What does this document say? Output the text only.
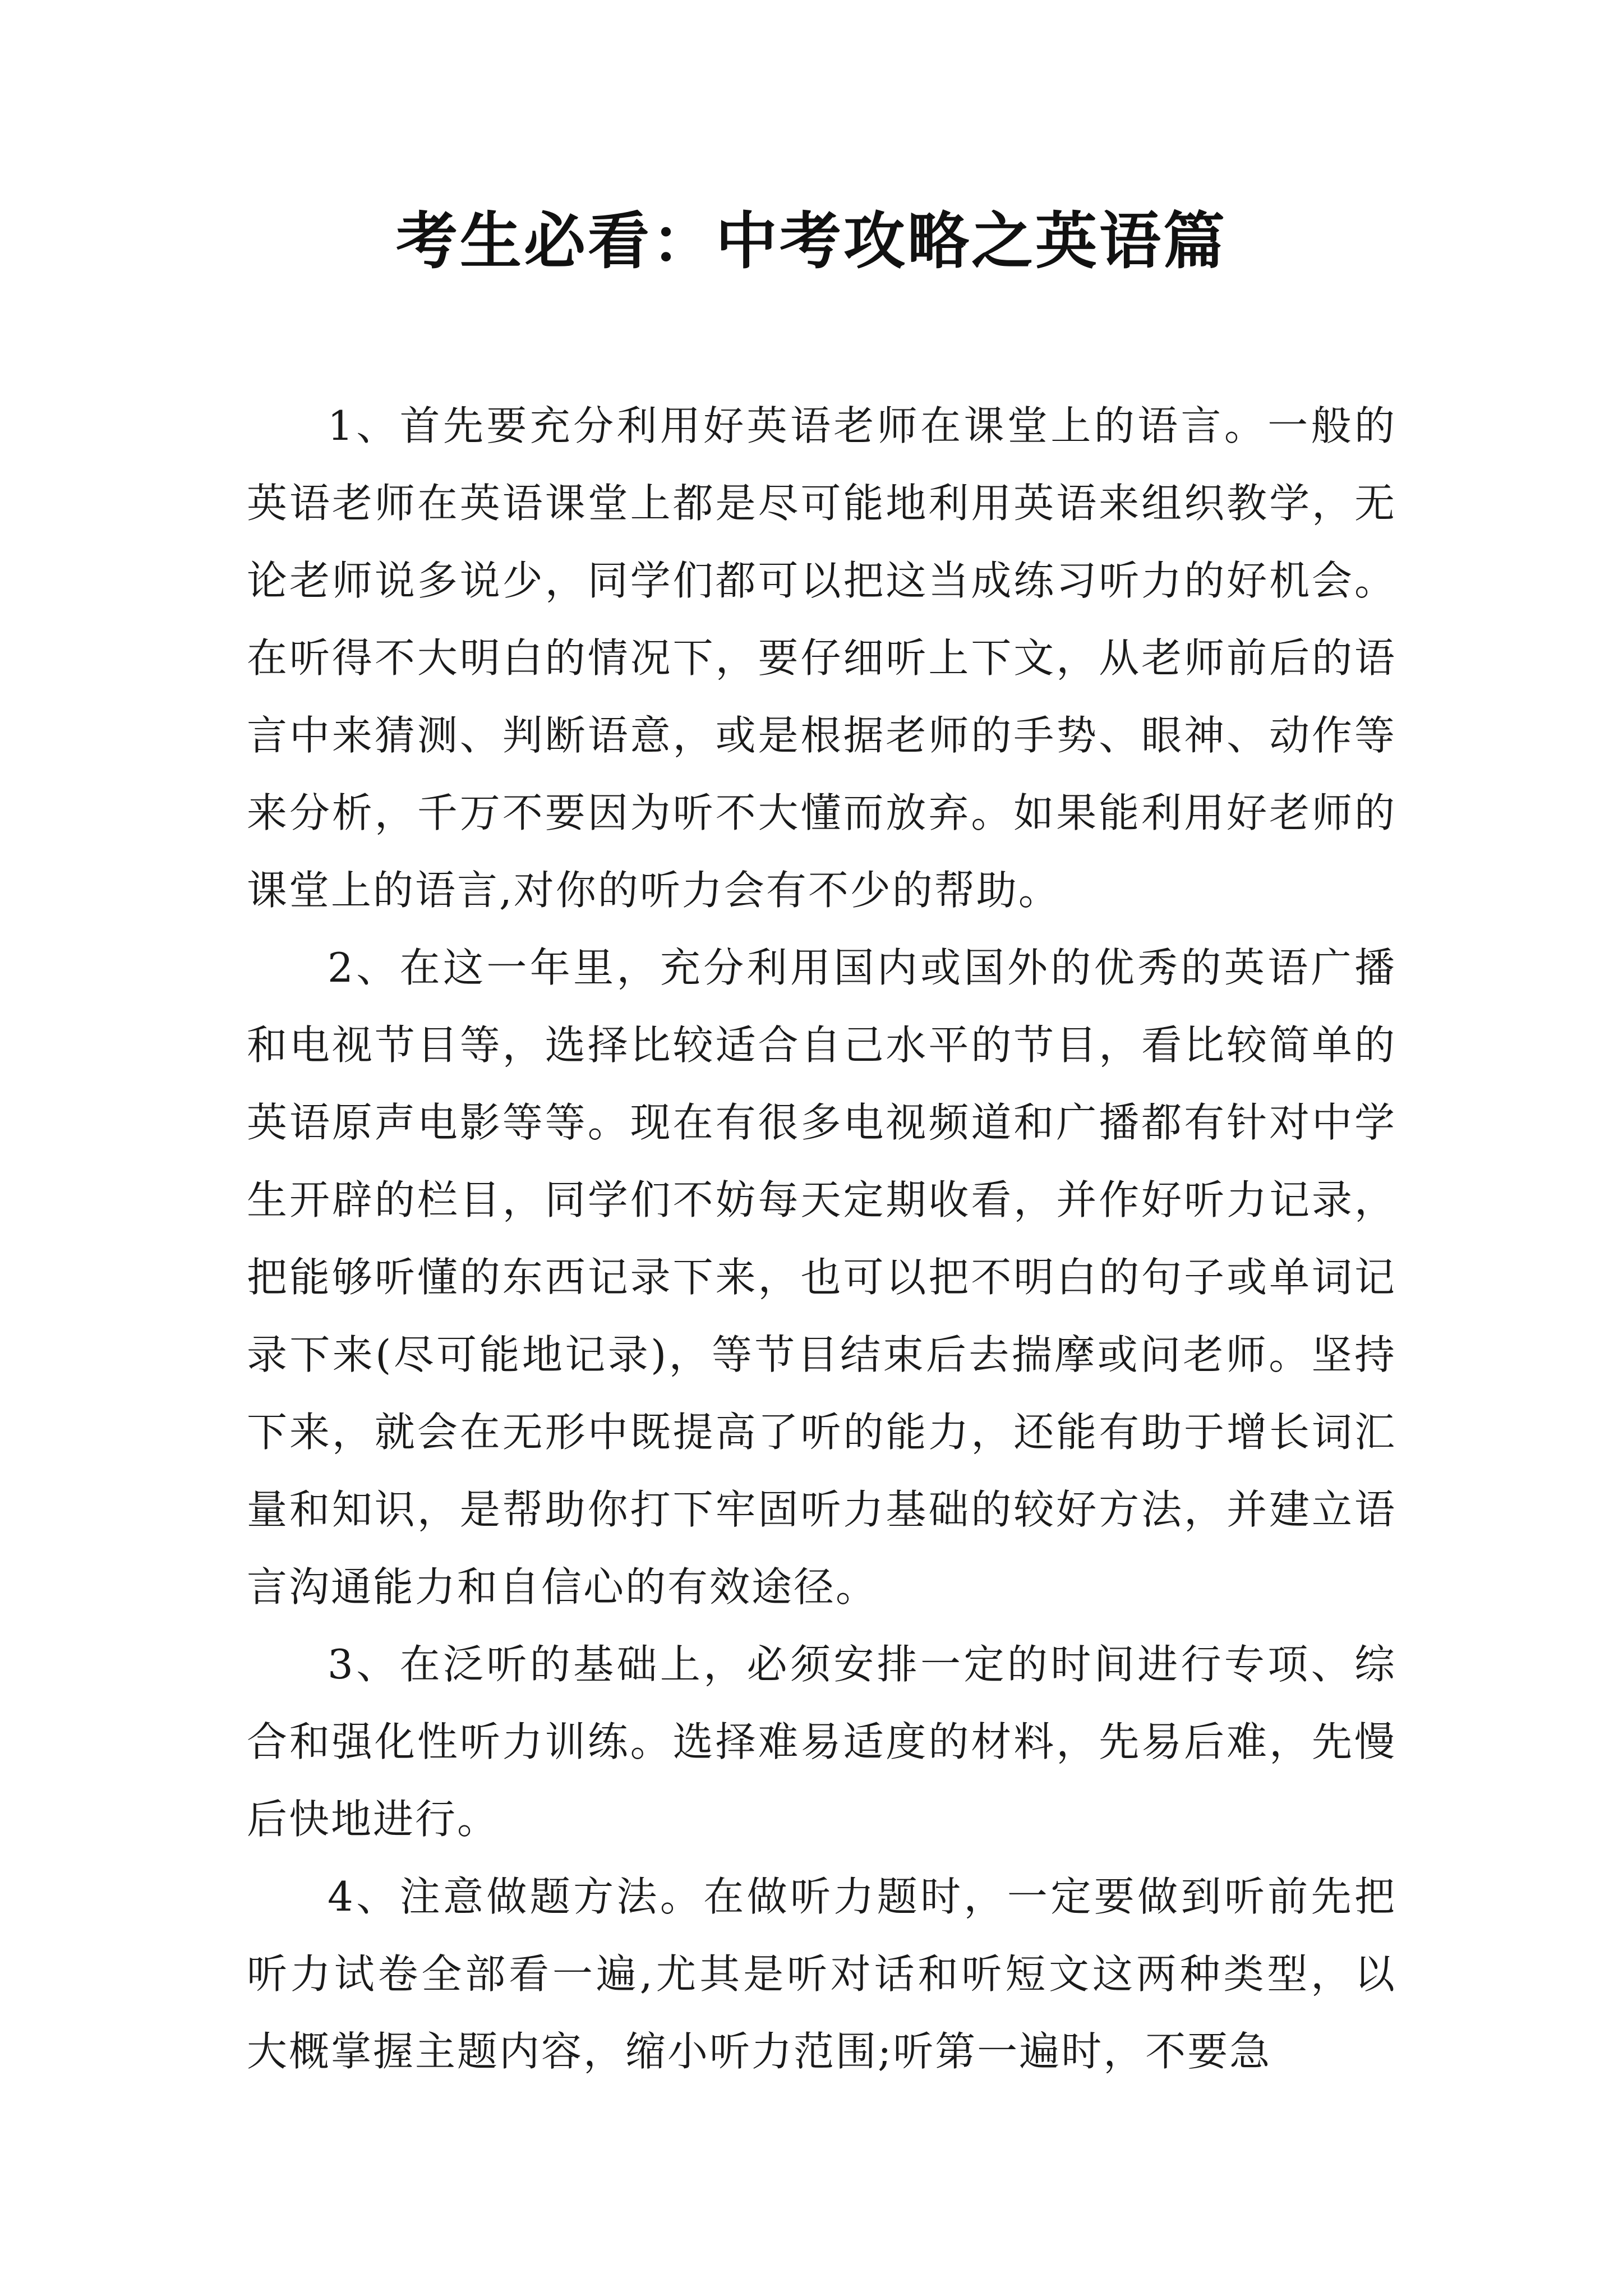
考生必看：中考攻略之英语篇

1、首先要充分利用好英语老师在课堂上的语言。一般的英语老师在英语课堂上都是尽可能地利用英语来组织教学，无论老师说多说少，同学们都可以把这当成练习听力的好机会。在听得不大明白的情况下，要仔细听上下文，从老师前后的语言中来猜测、判断语意，或是根据老师的手势、眼神、动作等来分析，千万不要因为听不大懂而放弃。如果能利用好老师的课堂上的语言,对你的听力会有不少的帮助。

2、在这一年里，充分利用国内或国外的优秀的英语广播和电视节目等，选择比较适合自己水平的节目，看比较简单的英语原声电影等等。现在有很多电视频道和广播都有针对中学生开辟的栏目，同学们不妨每天定期收看，并作好听力记录，把能够听懂的东西记录下来，也可以把不明白的句子或单词记录下来(尽可能地记录)，等节目结束后去揣摩或问老师。坚持下来，就会在无形中既提高了听的能力，还能有助于增长词汇量和知识，是帮助你打下牢固听力基础的较好方法，并建立语言沟通能力和自信心的有效途径。

3、在泛听的基础上，必须安排一定的时间进行专项、综合和强化性听力训练。选择难易适度的材料，先易后难，先慢后快地进行。

4、注意做题方法。在做听力题时，一定要做到听前先把听力试卷全部看一遍,尤其是听对话和听短文这两种类型，以大概掌握主题内容，缩小听力范围;听第一遍时，不要急
